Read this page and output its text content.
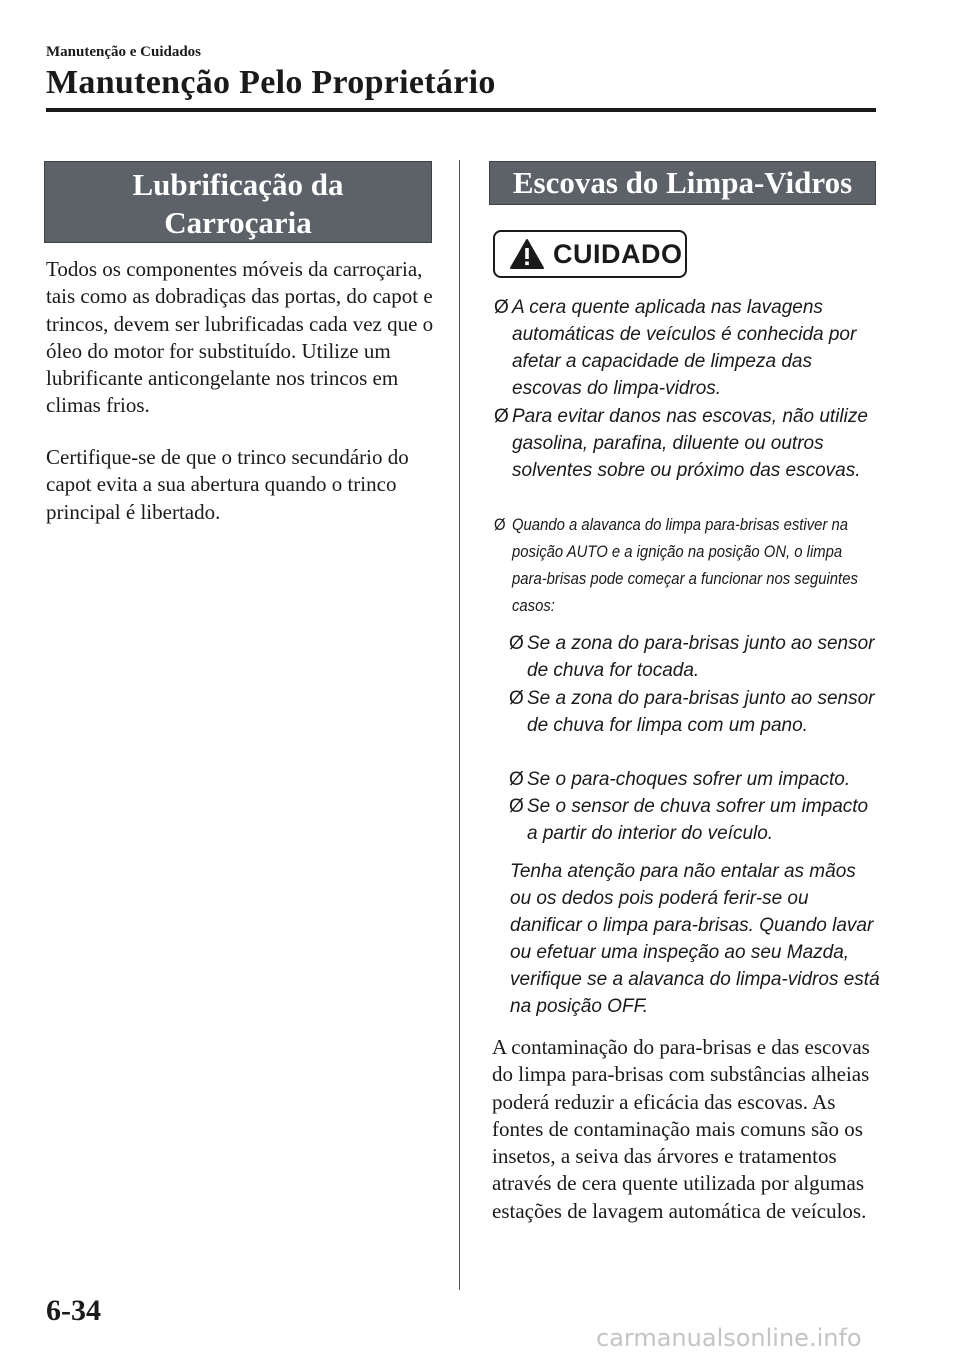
Manutenção e Cuidados
Manutenção Pelo Proprietário
Lubrificação da
Carroçaria

Todos os componentes móveis da carroçaria, tais como as dobradiças das portas, do capot e trincos, devem ser lubrificadas cada vez que o óleo do motor for substituído. Utilize um lubrificante anticongelante nos trincos em climas frios.

Certifique-se de que o trinco secundário do capot evita a sua abertura quando o trinco principal é libertado.

Escovas do Limpa-Vidros
CUIDADO
Ø A cera quente aplicada nas lavagens automáticas de veículos é conhecida por afetar a capacidade de limpeza das escovas do limpa-vidros.
Ø Para evitar danos nas escovas, não utilize gasolina, parafina, diluente ou outros solventes sobre ou próximo das escovas.
Ø Quando a alavanca do limpa para-brisas estiver na posição AUTO e a ignição na posição ON, o limpa para-brisas pode começar a funcionar nos seguintes casos:
Ø Se a zona do para-brisas junto ao sensor de chuva for tocada.
Ø Se a zona do para-brisas junto ao sensor de chuva for limpa com um pano.
Ø Se o para-choques sofrer um impacto.
Ø Se o sensor de chuva sofrer um impacto a partir do interior do veículo.

Tenha atenção para não entalar as mãos ou os dedos pois poderá ferir-se ou danificar o limpa para-brisas. Quando lavar ou efetuar uma inspeção ao seu Mazda, verifique se a alavanca do limpa-vidros está na posição OFF.

A contaminação do para-brisas e das escovas do limpa para-brisas com substâncias alheias poderá reduzir a eficácia das escovas. As fontes de contaminação mais comuns são os insetos, a seiva das árvores e tratamentos através de cera quente utilizada por algumas estações de lavagem automática de veículos.

6-34
carmanualsonline.info
